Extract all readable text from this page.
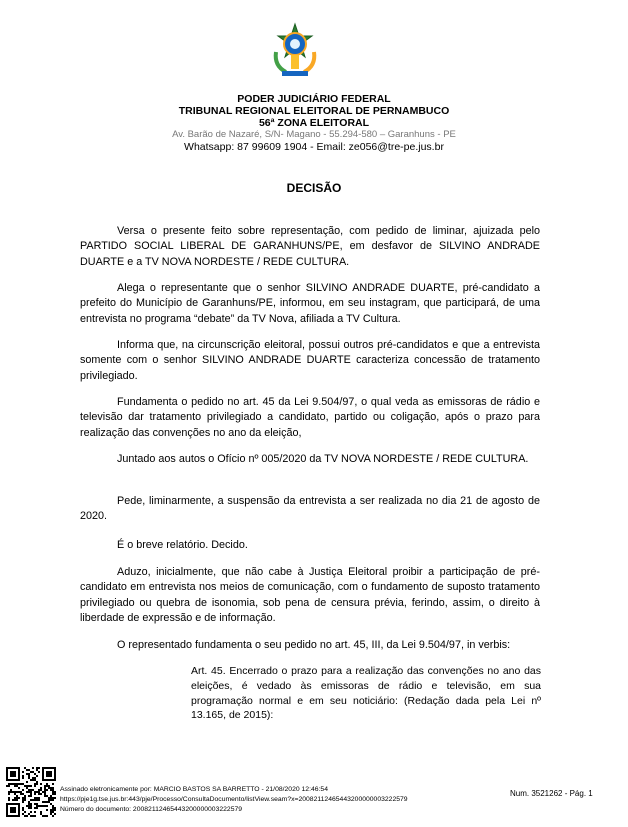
PODER JUDICIÁRIO FEDERAL
TRIBUNAL REGIONAL ELEITORAL DE PERNAMBUCO
56ª ZONA ELEITORAL
Av. Barão de Nazaré, S/N- Magano - 55.294-580 – Garanhuns - PE
Whatsapp: 87 99609 1904 - Email: ze056@tre-pe.jus.br
DECISÃO
Versa o presente feito sobre representação, com pedido de liminar, ajuizada pelo PARTIDO SOCIAL LIBERAL DE GARANHUNS/PE, em desfavor de SILVINO ANDRADE DUARTE e a TV NOVA NORDESTE / REDE CULTURA.
Alega o representante que o senhor SILVINO ANDRADE DUARTE, pré-candidato a prefeito do Município de Garanhuns/PE, informou, em seu instagram, que participará, de uma entrevista no programa “debate” da TV Nova, afiliada a TV Cultura.
Informa que, na circunscrição eleitoral, possui outros pré-candidatos e que a entrevista somente com o senhor SILVINO ANDRADE DUARTE caracteriza concessão de tratamento privilegiado.
Fundamenta o pedido no art. 45 da Lei 9.504/97, o qual veda as emissoras de rádio e televisão dar tratamento privilegiado a candidato, partido ou coligação, após o prazo para realização das convenções no ano da eleição,
Juntado aos autos o Ofício nº 005/2020 da TV NOVA NORDESTE / REDE CULTURA.
Pede, liminarmente, a suspensão da entrevista a ser realizada no dia 21 de agosto de 2020.
É o breve relatório. Decido.
Aduzo, inicialmente, que não cabe à Justiça Eleitoral proibir a participação de pré-candidato em entrevista nos meios de comunicação, com o fundamento de suposto tratamento privilegiado ou quebra de isonomia, sob pena de censura prévia, ferindo, assim, o direito à liberdade de expressão e de informação.
O representado fundamenta o seu pedido no art. 45, III, da Lei 9.504/97, in verbis:
Art. 45. Encerrado o prazo para a realização das convenções no ano das eleições, é vedado às emissoras de rádio e televisão, em sua programação normal e em seu noticiário: (Redação dada pela Lei nº 13.165, de 2015):
Assinado eletronicamente por: MARCIO BASTOS SA BARRETTO - 21/08/2020 12:46:54
https://pje1g.tse.jus.br:443/pje/Processo/ConsultaDocumento/listView.seam?x=20082112465443200000003222579
Número do documento: 20082112465443200000003222579
Num. 3521262 - Pág. 1
